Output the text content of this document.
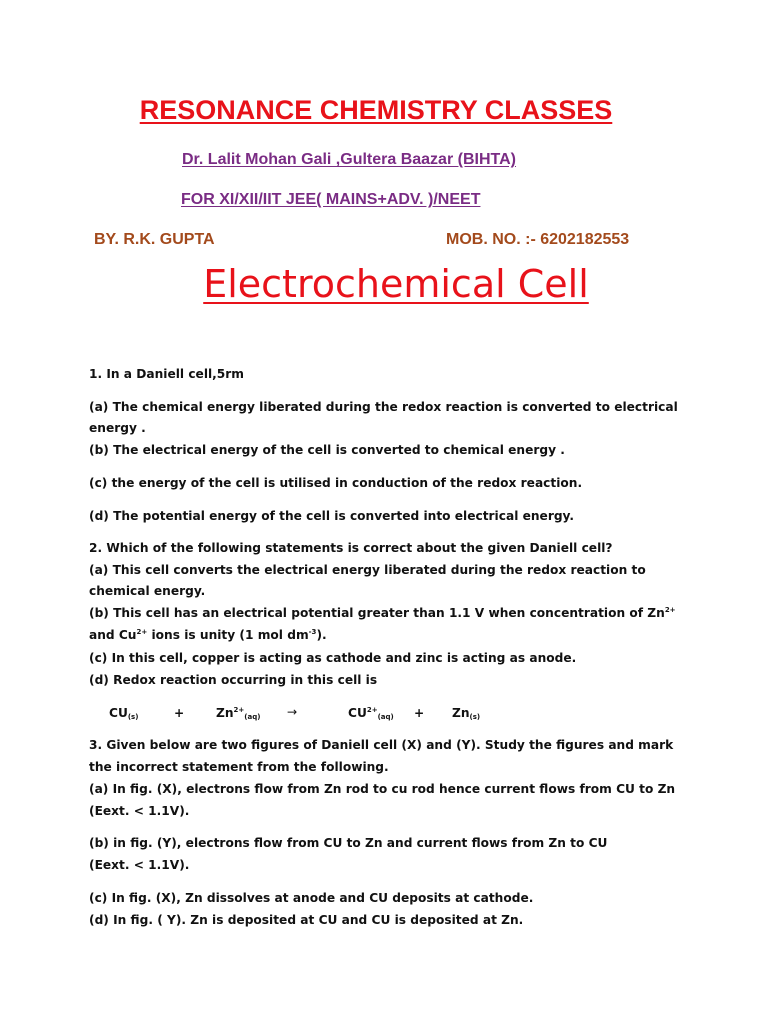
RESONANCE CHEMISTRY CLASSES
Dr. Lalit Mohan Gali ,Gultera Baazar (BIHTA)
FOR XI/XII/IIT JEE( MAINS+ADV. )/NEET
BY. R.K. GUPTA	MOB. NO. :- 6202182553
Electrochemical Cell
1. In a Daniell cell,5rm
(a) The chemical energy liberated during the redox reaction is converted to electrical
energy .
(b) The electrical energy of the cell is converted to chemical energy .
(c) the energy of the cell is utilised in conduction of the redox reaction.
(d) The potential energy of the cell is converted into electrical energy.
2. Which of the following statements is correct about the given Daniell cell?
(a) This cell converts the electrical energy liberated during the redox reaction to
chemical energy.
(b) This cell has an electrical potential greater than 1.1 V when concentration of $Zn^{2+}$
and $Cu^{2+}$ ions is unity (1 mol $dm^{-3}$).
(c) In this cell, copper is acting as cathode and zinc is acting as anode.
(d) Redox reaction occurring in this cell is
$CU_{(s)}$	+	$Zn^{2+}_{(aq)}$ →	$CU^{2+}_{(aq)} + Zn_{(s)}$
3. Given below are two figures of Daniell cell (X) and (Y). Study the figures and mark
the incorrect statement from the following.
(a) In fig. (X), electrons flow from Zn rod to cu rod hence current flows from CU to Zn
(Eext. < 1.1V).
(b) in fig. (Y), electrons flow from CU to Zn and current flows from Zn to CU
(Eext. < 1.1V).
(c) In fig. (X), Zn dissolves at anode and CU deposits at cathode.
(d) In fig. ( Y). Zn is deposited at CU and CU is deposited at Zn.
